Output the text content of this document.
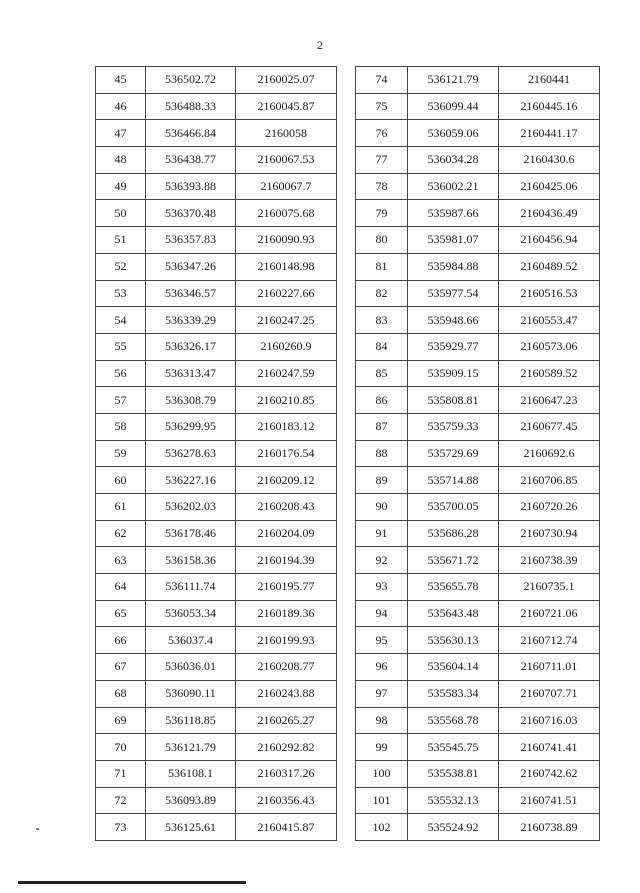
2
45	536502.72	2160025.07
46	536488.33	2160045.87
47	536466.84	2160058
48	536438.77	2160067.53
49	536393.88	2160067.7
50	536370.48	2160075.68
51	536357.83	2160090.93
52	536347.26	2160148.98
53	536346.57	2160227.66
54	536339.29	2160247.25
55	536326.17	2160260.9
56	536313.47	2160247.59
57	536308.79	2160210.85
58	536299.95	2160183.12
59	536278.63	2160176.54
60	536227.16	2160209.12
61	536202.03	2160208.43
62	536178.46	2160204.09
63	536158.36	2160194.39
64	536111.74	2160195.77
65	536053.34	2160189.36
66	536037.4	2160199.93
67	536036.01	2160208.77
68	536090.11	2160243.88
69	536118.85	2160265.27
70	536121.79	2160292.82
71	536108.1	2160317.26
72	536093.89	2160356.43
73	536125.61	2160415.87
74	536121.79	2160441
75	536099.44	2160445.16
76	536059.06	2160441.17
77	536034.28	2160430.6
78	536002.21	2160425.06
79	535987.66	2160436.49
80	535981.07	2160456.94
81	535984.88	2160489.52
82	535977.54	2160516.53
83	535948.66	2160553.47
84	535929.77	2160573.06
85	535909.15	2160589.52
86	535808.81	2160647.23
87	535759.33	2160677.45
88	535729.69	2160692.6
89	535714.88	2160706.85
90	535700.05	2160720.26
91	535686.28	2160730.94
92	535671.72	2160738.39
93	535655.78	2160735.1
94	535643.48	2160721.06
95	535630.13	2160712.74
96	535604.14	2160711.01
97	535583.34	2160707.71
98	535568.78	2160716.03
99	535545.75	2160741.41
100	535538.81	2160742.62
101	535532.13	2160741.51
102	535524.92	2160738.89
